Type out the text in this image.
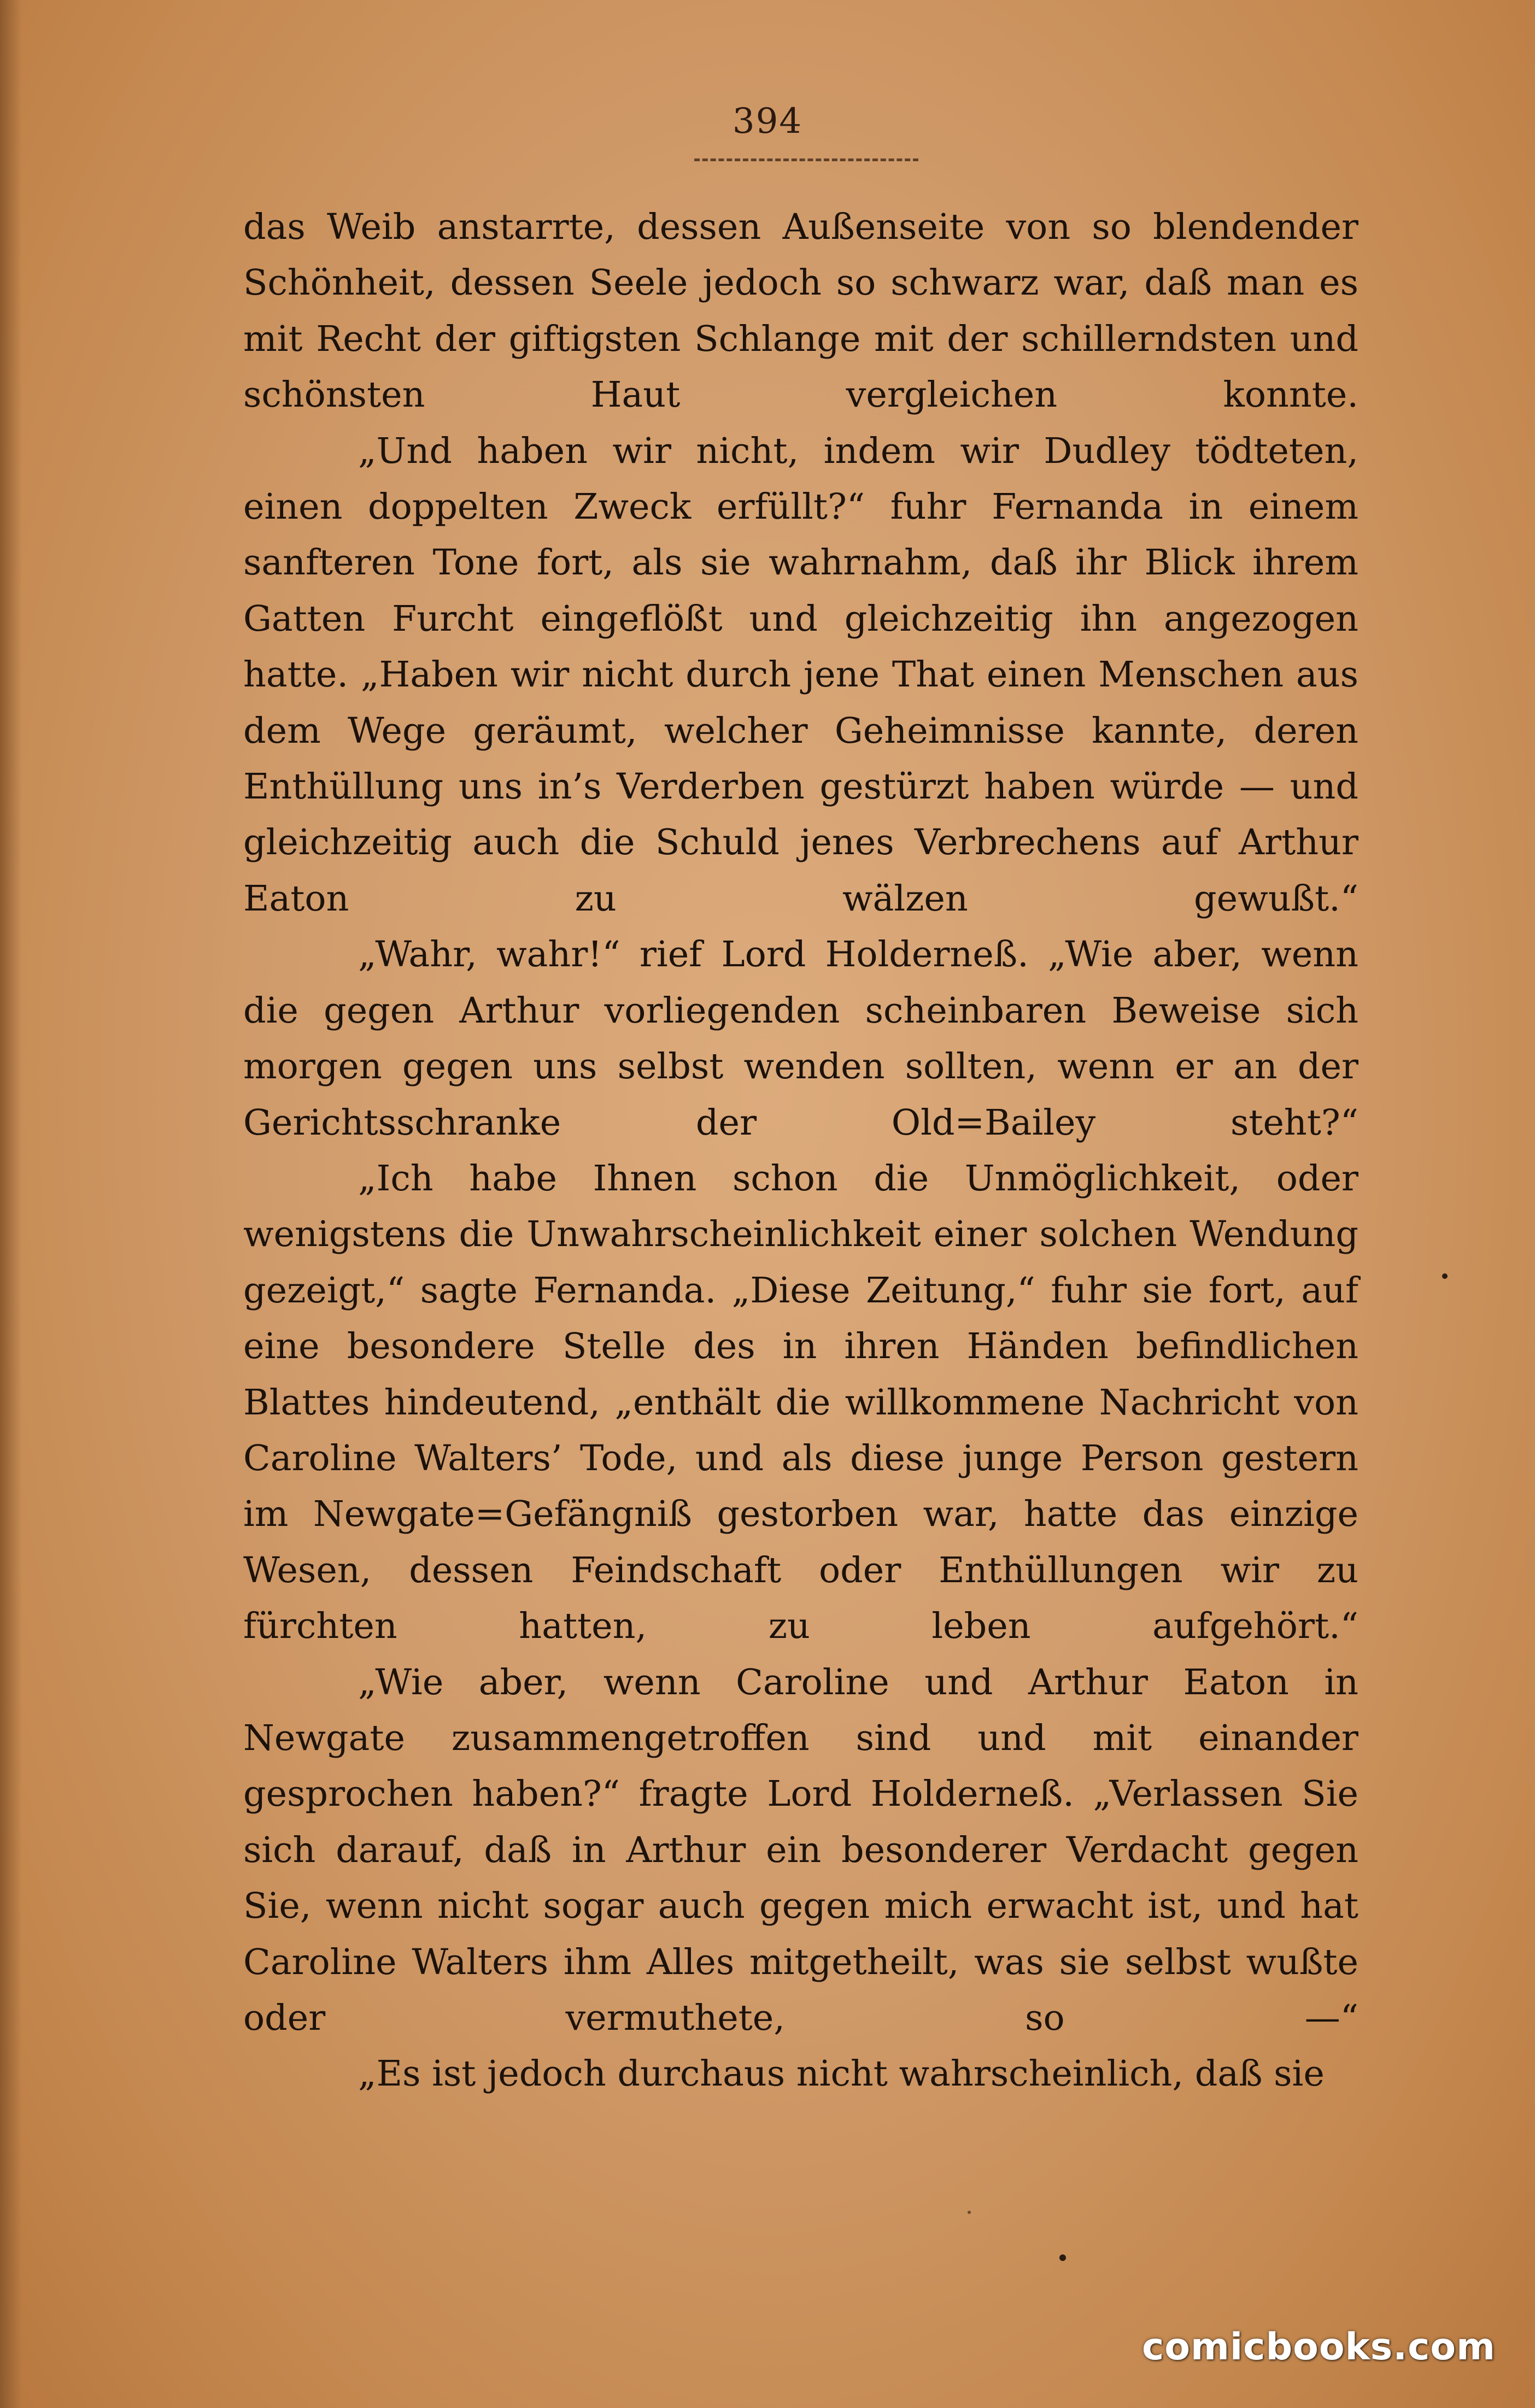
394

das Weib anstarrte, dessen Außenseite von so blendender Schönheit, dessen Seele jedoch so schwarz war, daß man es mit Recht der giftigsten Schlange mit der schillerndsten und schönsten Haut vergleichen konnte.

„Und haben wir nicht, indem wir Dudley tödteten, einen doppelten Zweck erfüllt?“ fuhr Fernanda in einem sanfteren Tone fort, als sie wahrnahm, daß ihr Blick ihrem Gatten Furcht eingeflößt und gleichzeitig ihn angezogen hatte. „Haben wir nicht durch jene That einen Menschen aus dem Wege geräumt, welcher Geheimnisse kannte, deren Enthüllung uns in’s Verderben gestürzt haben würde — und gleichzeitig auch die Schuld jenes Verbrechens auf Arthur Eaton zu wälzen gewußt.“

„Wahr, wahr!“ rief Lord Holderneß. „Wie aber, wenn die gegen Arthur vorliegenden scheinbaren Beweise sich morgen gegen uns selbst wenden sollten, wenn er an der Gerichtsschranke der Old=Bailey steht?“

„Ich habe Ihnen schon die Unmöglichkeit, oder wenigstens die Unwahrscheinlichkeit einer solchen Wendung gezeigt,“ sagte Fernanda. „Diese Zeitung,“ fuhr sie fort, auf eine besondere Stelle des in ihren Händen befindlichen Blattes hindeutend, „enthält die willkommene Nachricht von Caroline Walters’ Tode, und als diese junge Person gestern im Newgate=Gefängniß gestorben war, hatte das einzige Wesen, dessen Feindschaft oder Enthüllungen wir zu fürchten hatten, zu leben aufgehört.“

„Wie aber, wenn Caroline und Arthur Eaton in Newgate zusammengetroffen sind und mit einander gesprochen haben?“ fragte Lord Holderneß. „Verlassen Sie sich darauf, daß in Arthur ein besonderer Verdacht gegen Sie, wenn nicht sogar auch gegen mich erwacht ist, und hat Caroline Walters ihm Alles mitgetheilt, was sie selbst wußte oder vermuthete, so —“

„Es ist jedoch durchaus nicht wahrscheinlich, daß sie

comicbooks.com
